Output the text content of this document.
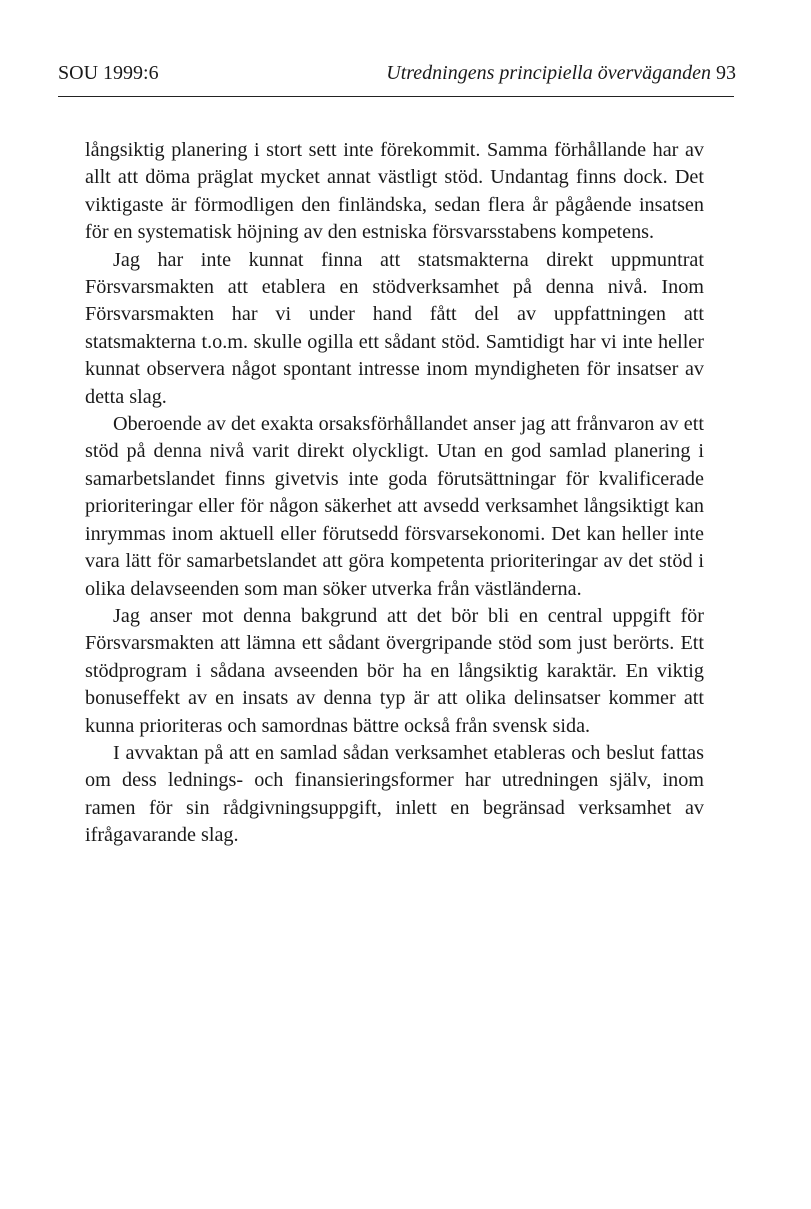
SOU 1999:6	Utredningens principiella överväganden 93

långsiktig planering i stort sett inte förekommit. Samma förhållande har av allt att döma präglat mycket annat västligt stöd. Undantag finns dock. Det viktigaste är förmodligen den finländska, sedan flera år pågående insatsen för en systematisk höjning av den estniska försvarsstabens kompetens.

Jag har inte kunnat finna att statsmakterna direkt uppmuntrat Försvarsmakten att etablera en stödverksamhet på denna nivå. Inom Försvarsmakten har vi under hand fått del av uppfattningen att statsmakterna t.o.m. skulle ogilla ett sådant stöd. Samtidigt har vi inte heller kunnat observera något spontant intresse inom myndigheten för insatser av detta slag.

Oberoende av det exakta orsaksförhållandet anser jag att frånvaron av ett stöd på denna nivå varit direkt olyckligt. Utan en god samlad planering i samarbetslandet finns givetvis inte goda förutsättningar för kvalificerade prioriteringar eller för någon säkerhet att avsedd verksamhet långsiktigt kan inrymmas inom aktuell eller förutsedd försvarsekonomi. Det kan heller inte vara lätt för samarbetslandet att göra kompetenta prioriteringar av det stöd i olika delavseenden som man söker utverka från västländerna.

Jag anser mot denna bakgrund att det bör bli en central uppgift för Försvarsmakten att lämna ett sådant övergripande stöd som just berörts. Ett stödprogram i sådana avseenden bör ha en långsiktig karaktär. En viktig bonuseffekt av en insats av denna typ är att olika delinsatser kommer att kunna prioriteras och samordnas bättre också från svensk sida.

I avvaktan på att en samlad sådan verksamhet etableras och beslut fattas om dess lednings- och finansieringsformer har utredningen själv, inom ramen för sin rådgivningsuppgift, inlett en begränsad verksamhet av ifrågavarande slag.
